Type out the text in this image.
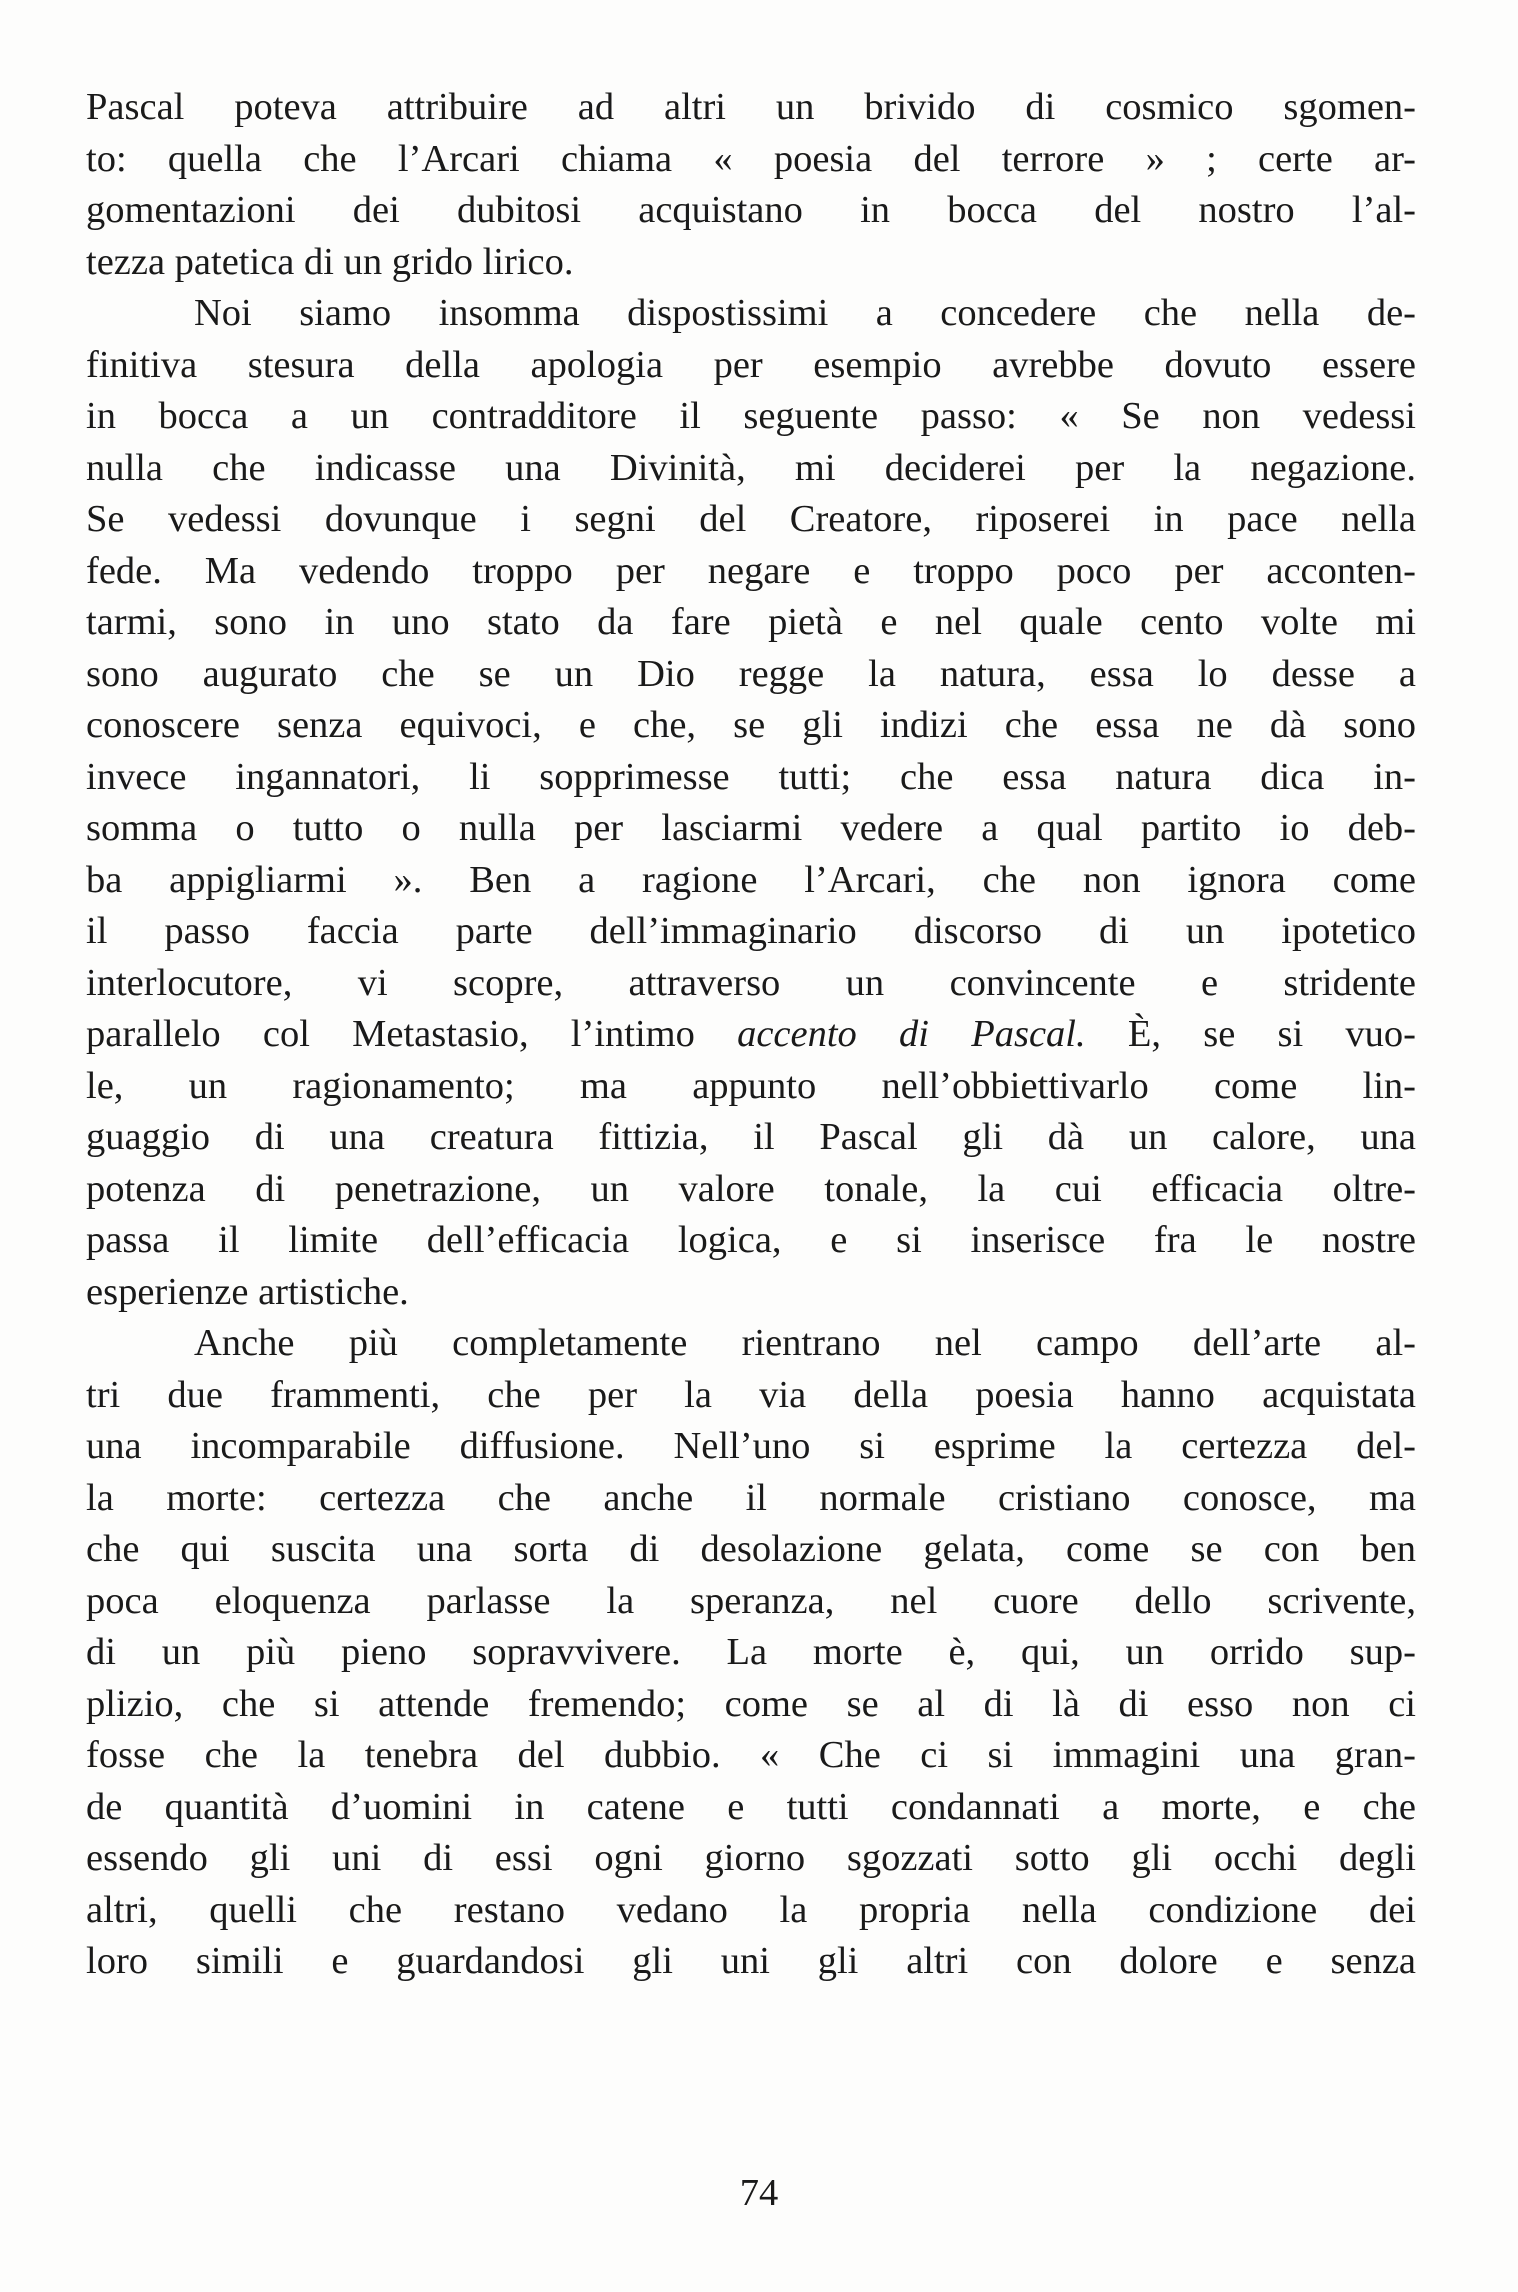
Pascal poteva attribuire ad altri un brivido di cosmico sgomen-
to: quella che l’Arcari chiama « poesia del terrore » ; certe ar-
gomentazioni dei dubitosi acquistano in bocca del nostro l’al-
tezza patetica di un grido lirico.
Noi siamo insomma dispostissimi a concedere che nella de-
finitiva stesura della apologia per esempio avrebbe dovuto essere
in bocca a un contradditore il seguente passo: « Se non vedessi
nulla che indicasse una Divinità, mi deciderei per la negazione.
Se vedessi dovunque i segni del Creatore, riposerei in pace nella
fede. Ma vedendo troppo per negare e troppo poco per acconten-
tarmi, sono in uno stato da fare pietà e nel quale cento volte mi
sono augurato che se un Dio regge la natura, essa lo desse a
conoscere senza equivoci, e che, se gli indizi che essa ne dà sono
invece ingannatori, li sopprimesse tutti; che essa natura dica in-
somma o tutto o nulla per lasciarmi vedere a qual partito io deb-
ba appigliarmi ». Ben a ragione l’Arcari, che non ignora come
il passo faccia parte dell’immaginario discorso di un ipotetico
interlocutore, vi scopre, attraverso un convincente e stridente
parallelo col Metastasio, l’intimo accento di Pascal. È, se si vuo-
le, un ragionamento; ma appunto nell’obbiettivarlo come lin-
guaggio di una creatura fittizia, il Pascal gli dà un calore, una
potenza di penetrazione, un valore tonale, la cui efficacia oltre-
passa il limite dell’efficacia logica, e si inserisce fra le nostre
esperienze artistiche.
Anche più completamente rientrano nel campo dell’arte al-
tri due frammenti, che per la via della poesia hanno acquistata
una incomparabile diffusione. Nell’uno si esprime la certezza del-
la morte: certezza che anche il normale cristiano conosce, ma
che qui suscita una sorta di desolazione gelata, come se con ben
poca eloquenza parlasse la speranza, nel cuore dello scrivente,
di un più pieno sopravvivere. La morte è, qui, un orrido sup-
plizio, che si attende fremendo; come se al di là di esso non ci
fosse che la tenebra del dubbio. « Che ci si immagini una gran-
de quantità d’uomini in catene e tutti condannati a morte, e che
essendo gli uni di essi ogni giorno sgozzati sotto gli occhi degli
altri, quelli che restano vedano la propria nella condizione dei
loro simili e guardandosi gli uni gli altri con dolore e senza
74
